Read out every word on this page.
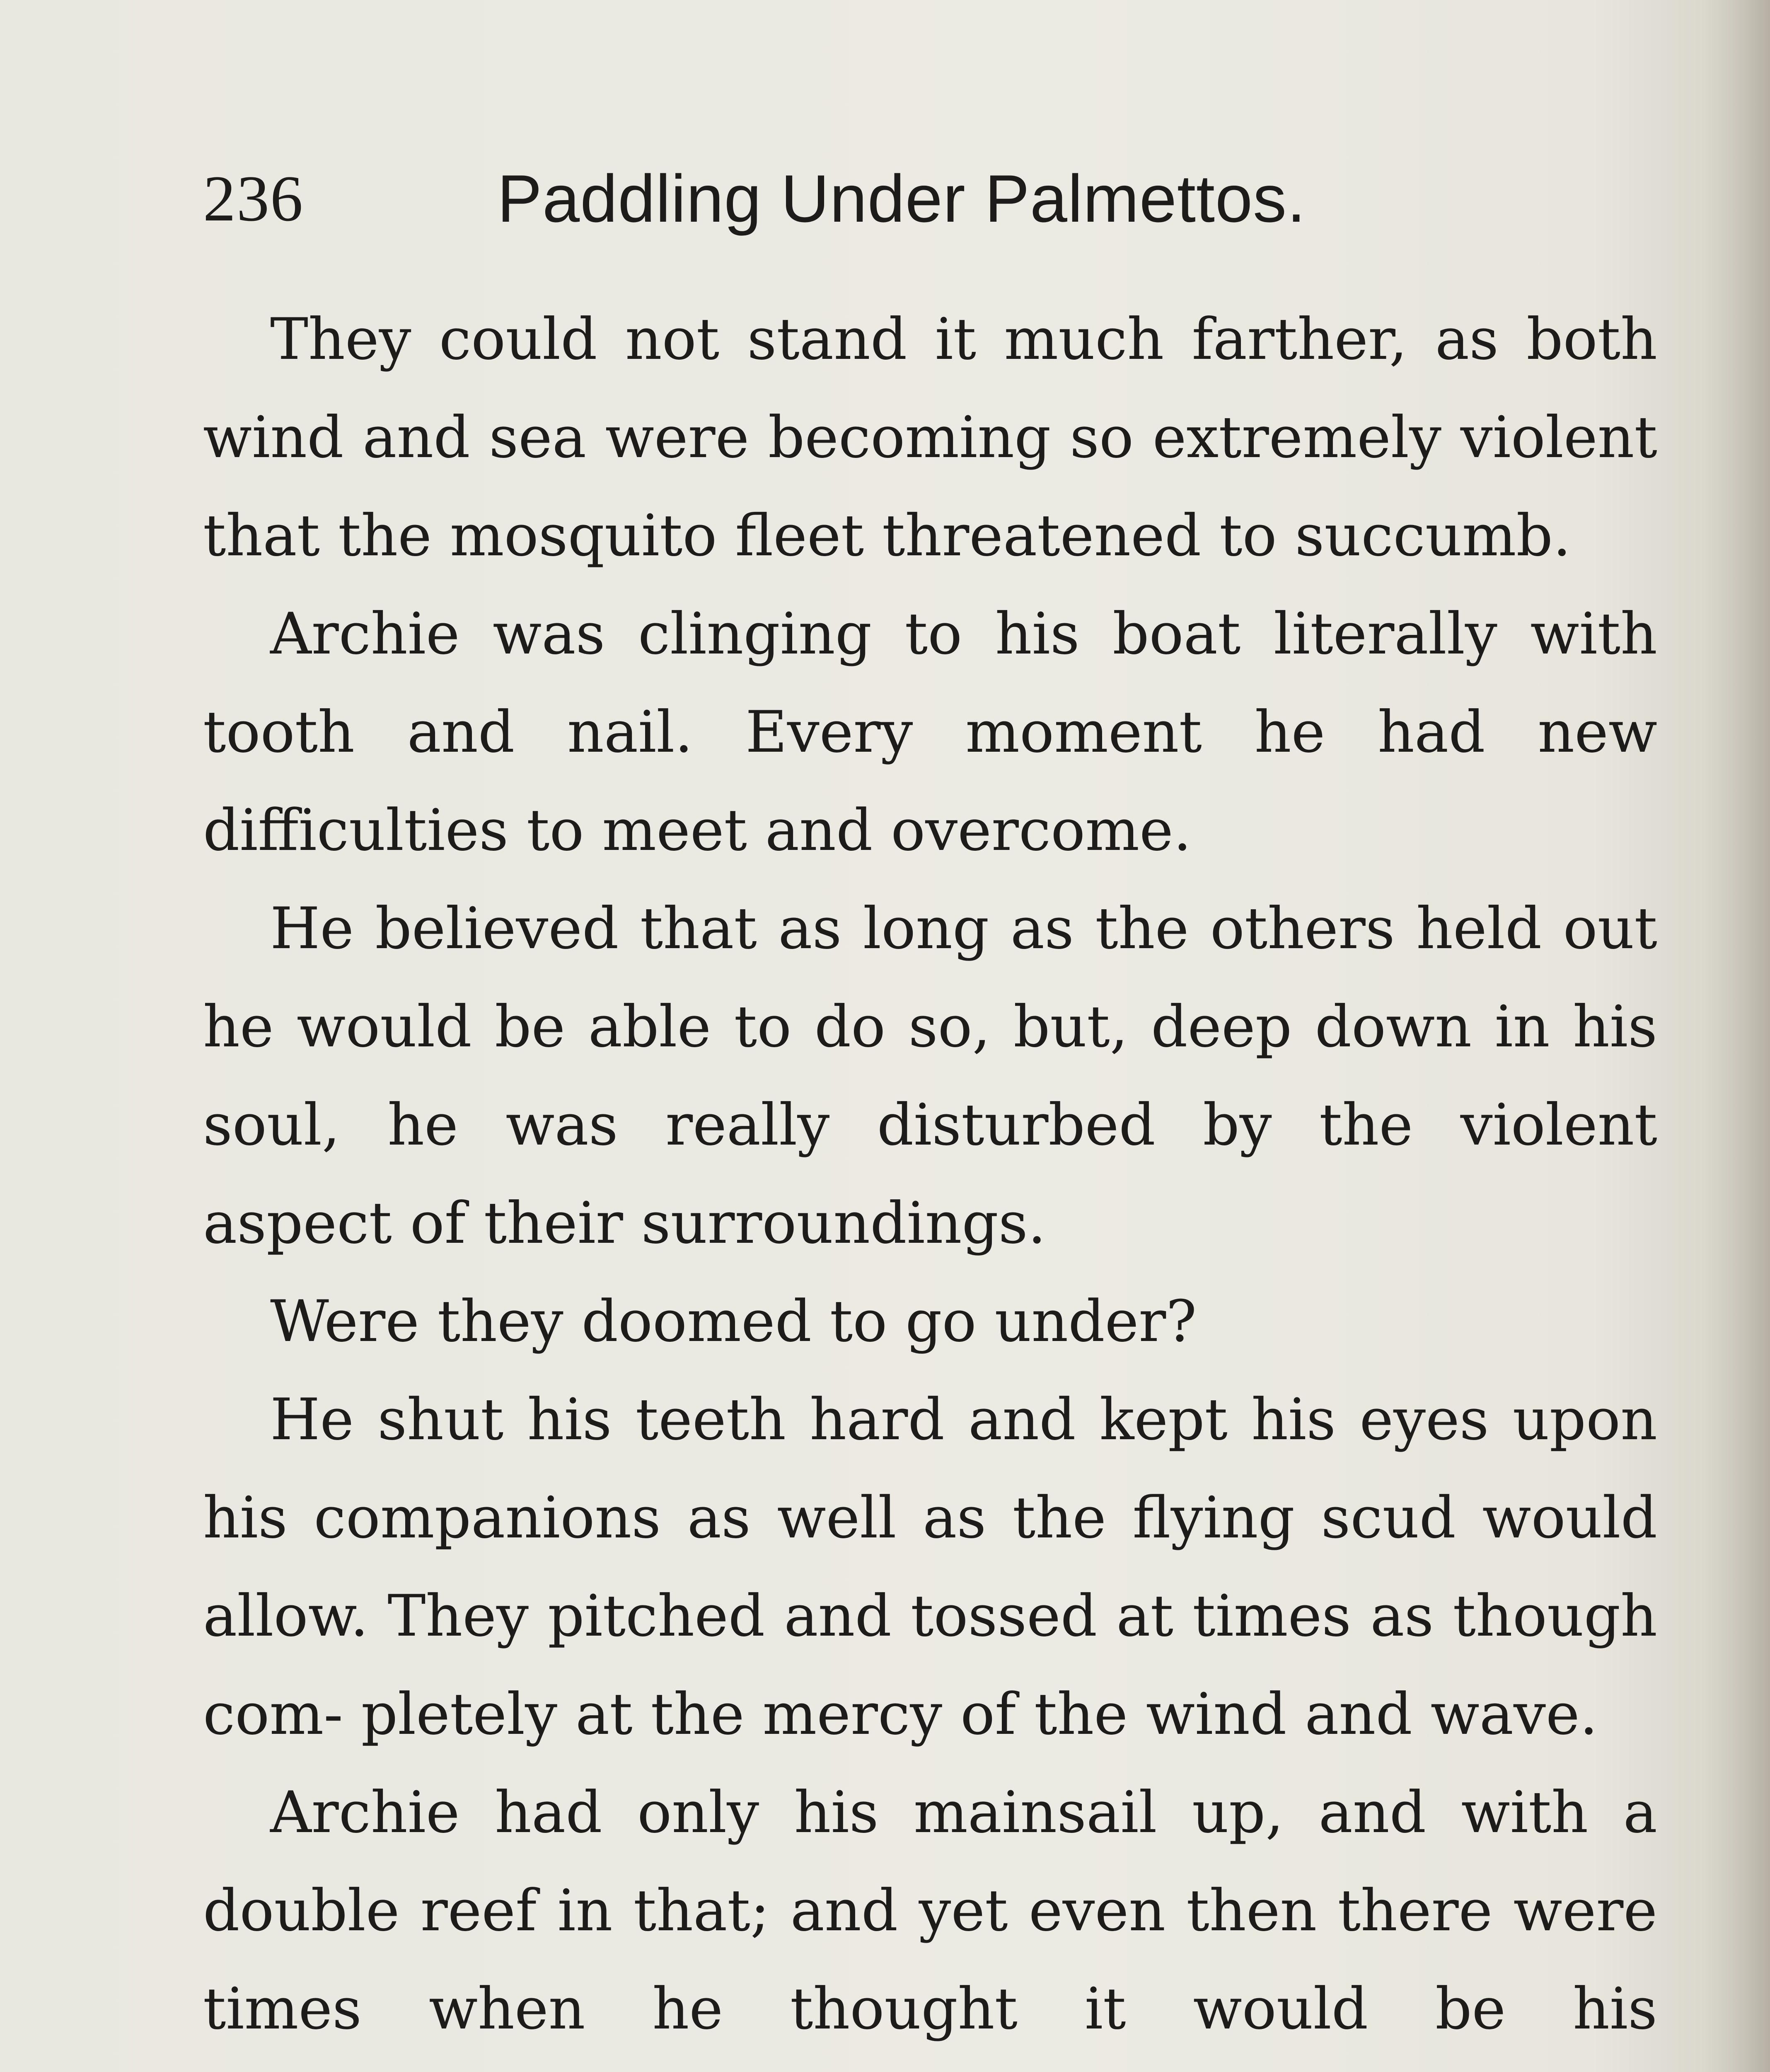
236	Paddling Under Palmettos.

They could not stand it much farther, as both wind and sea were becoming so extremely violent that the mosquito fleet threatened to succumb.

Archie was clinging to his boat literally with tooth and nail. Every moment he had new difficulties to meet and overcome.

He believed that as long as the others held out he would be able to do so, but, deep down in his soul, he was really disturbed by the violent aspect of their surroundings.

Were they doomed to go under?

He shut his teeth hard and kept his eyes upon his companions as well as the flying scud would allow. They pitched and tossed at times as though com- pletely at the mercy of the wind and wave.

Archie had only his mainsail up, and with a double reef in that; and yet even then there were times when he thought it would be his
